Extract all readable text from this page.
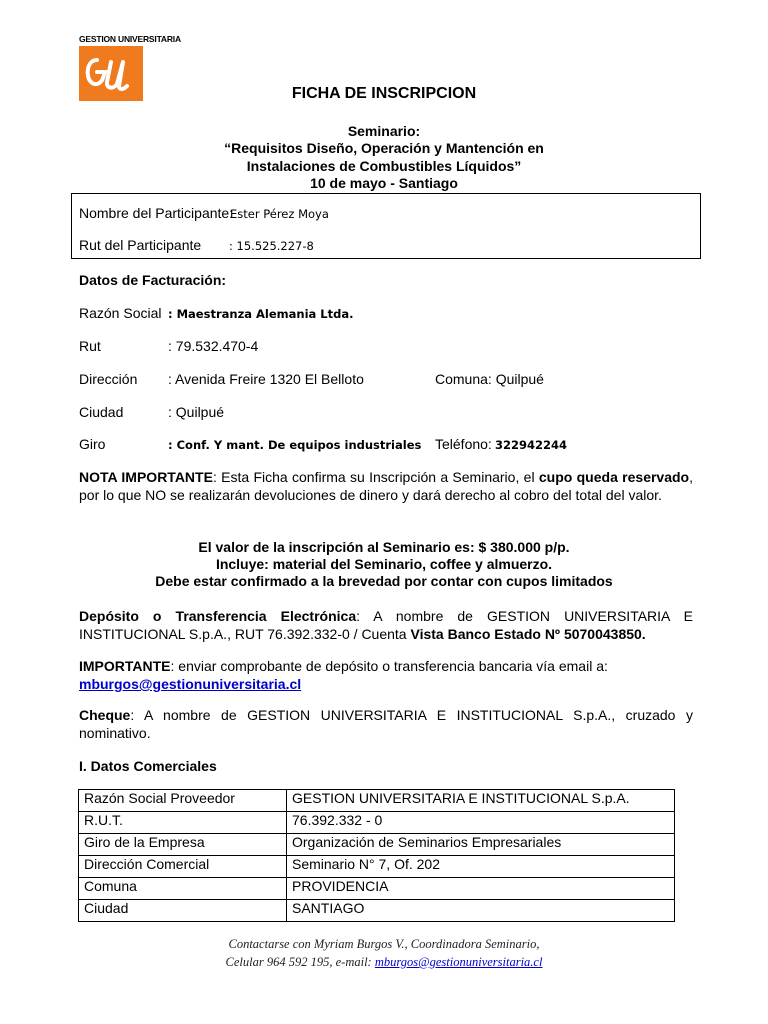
GESTION UNIVERSITARIA
FICHA DE INSCRIPCION
Seminario:
“Requisitos Diseño, Operación y Mantención en
Instalaciones de Combustibles Líquidos”
10 de mayo - Santiago
Nombre del Participante:
Ester Pérez Moya
Rut del Participante : 15.525.227-8
Datos de Facturación:
Razón Social : Maestranza Alemania Ltda.
Rut	: 79.532.470-4
Dirección : Avenida Freire 1320 El Belloto	Comuna: Quilpué
Ciudad	: Quilpué
Giro	: Conf. Y mant. De equipos industriales Teléfono: 322942244
NOTA IMPORTANTE: Esta Ficha confirma su Inscripción a Seminario, el cupo queda reservado, por lo que NO se realizarán devoluciones de dinero y dará derecho al cobro del total del valor.
El valor de la inscripción al Seminario es: $ 380.000 p/p.
Incluye: material del Seminario, coffee y almuerzo.
Debe estar confirmado a la brevedad por contar con cupos limitados
Depósito o Transferencia Electrónica: A nombre de GESTION UNIVERSITARIA E INSTITUCIONAL S.p.A., RUT 76.392.332-0 / Cuenta Vista Banco Estado Nº 5070043850.
IMPORTANTE: enviar comprobante de depósito o transferencia bancaria vía email a:
mburgos@gestionuniversitaria.cl
Cheque: A nombre de GESTION UNIVERSITARIA E INSTITUCIONAL S.p.A., cruzado y nominativo.
I. Datos Comerciales
Razón Social Proveedor	GESTION UNIVERSITARIA E INSTITUCIONAL S.p.A.
R.U.T.	76.392.332 - 0
Giro de la Empresa	Organización de Seminarios Empresariales
Dirección Comercial	Seminario N° 7, Of. 202
Comuna	PROVIDENCIA
Ciudad	SANTIAGO
Contactarse con Myriam Burgos V., Coordinadora Seminario,
Celular 964 592 195, e-mail: mburgos@gestionuniversitaria.cl
